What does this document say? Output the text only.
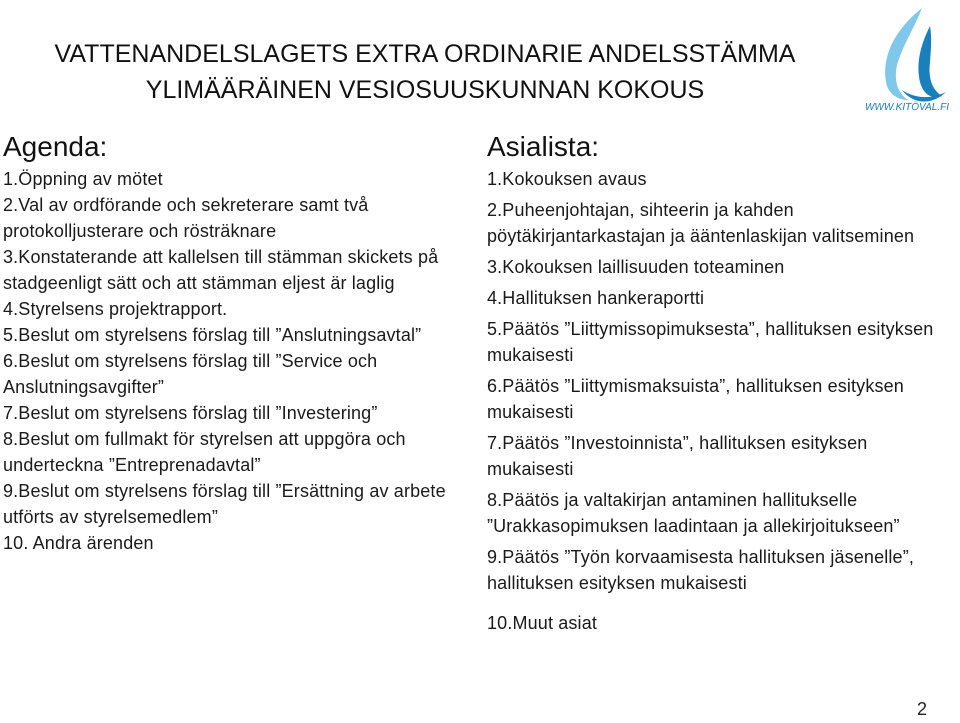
VATTENANDELSLAGETS EXTRA ORDINARIE ANDELSSTÄMMA
YLIMÄÄRÄINEN VESIOSUUSKUNNAN KOKOUS
WWW.KITÖVAL.FI
Agenda:
1.Öppning av mötet
2.Val av ordförande och sekreterare samt två protokolljusterare och rösträknare
3.Konstaterande att kallelsen till stämman skickets på stadgeenligt sätt och att stämman eljest är laglig
4.Styrelsens projektrapport.
5.Beslut om styrelsens förslag till ”Anslutningsavtal”
6.Beslut om styrelsens förslag till ”Service och Anslutningsavgifter”
7.Beslut om styrelsens förslag till ”Investering”
8.Beslut om fullmakt för styrelsen att uppgöra och underteckna ”Entreprenadavtal”
9.Beslut om styrelsens förslag till ”Ersättning av arbete utförts av styrelsemedlem”
10. Andra ärenden
Asialista:
1.Kokouksen avaus
2.Puheenjohtajan, sihteerin ja kahden pöytäkirjantarkastajan ja ääntenlaskijan valitseminen
3.Kokouksen laillisuuden toteaminen
4.Hallituksen hankeraportti
5.Päätös ”Liittymissopimuksesta”, hallituksen esityksen mukaisesti
6.Päätös ”Liittymismaksuista”, hallituksen esityksen mukaisesti
7.Päätös ”Investoinnista”, hallituksen esityksen mukaisesti
8.Päätös ja valtakirjan antaminen hallitukselle ”Urakkasopimuksen laadintaan ja allekirjoitukseen”
9.Päätös ”Työn korvaamisesta hallituksen jäsenelle”, hallituksen esityksen mukaisesti
10.Muut asiat
2
